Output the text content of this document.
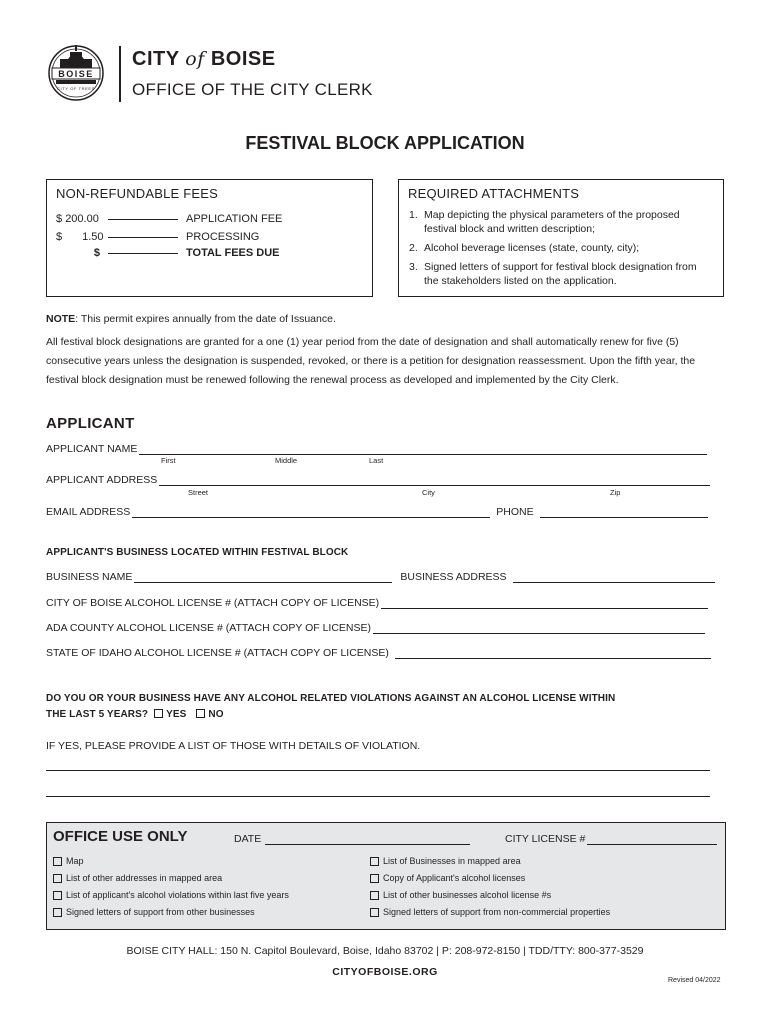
BOISE
CITY OF TREES
CITY of BOISE
OFFICE OF THE CITY CLERK
FESTIVAL BLOCK APPLICATION
NON-REFUNDABLE FEES
$ 200.00	APPLICATION FEE
$ 1.50	PROCESSING
$	TOTAL FEES DUE
REQUIRED ATTACHMENTS
1. Map depicting the physical parameters of the proposed festival block and written description;
2. Alcohol beverage licenses (state, county, city);
3. Signed letters of support for festival block designation from the stakeholders listed on the application.
NOTE: This permit expires annually from the date of Issuance.
All festival block designations are granted for a one (1) year period from the date of designation and shall automatically renew for five (5) consecutive years unless the designation is suspended, revoked, or there is a petition for designation reassessment. Upon the fifth year, the festival block designation must be renewed following the renewal process as developed and implemented by the City Clerk.
APPLICANT
APPLICANT NAME
First	Middle	Last
APPLICANT ADDRESS
Street	City	Zip
EMAIL ADDRESS	PHONE
APPLICANT'S BUSINESS LOCATED WITHIN FESTIVAL BLOCK
BUSINESS NAME	BUSINESS ADDRESS
CITY OF BOISE ALCOHOL LICENSE # (ATTACH COPY OF LICENSE)
ADA COUNTY ALCOHOL LICENSE # (ATTACH COPY OF LICENSE)
STATE OF IDAHO ALCOHOL LICENSE # (ATTACH COPY OF LICENSE)
DO YOU OR YOUR BUSINESS HAVE ANY ALCOHOL RELATED VIOLATIONS AGAINST AN ALCOHOL LICENSE WITHIN
THE LAST 5 YEARS? YES NO
IF YES, PLEASE PROVIDE A LIST OF THOSE WITH DETAILS OF VIOLATION.
OFFICE USE ONLY	DATE	CITY LICENSE #
Map
List of other addresses in mapped area
List of applicant's alcohol violations within last five years
Signed letters of support from other businesses
List of Businesses in mapped area
Copy of Applicant's alcohol licenses
List of other businesses alcohol license #s
Signed letters of support from non-commercial properties
BOISE CITY HALL: 150 N. Capitol Boulevard, Boise, Idaho 83702 | P: 208-972-8150 | TDD/TTY: 800-377-3529
CITYOFBOISE.ORG
Revised 04/2022
